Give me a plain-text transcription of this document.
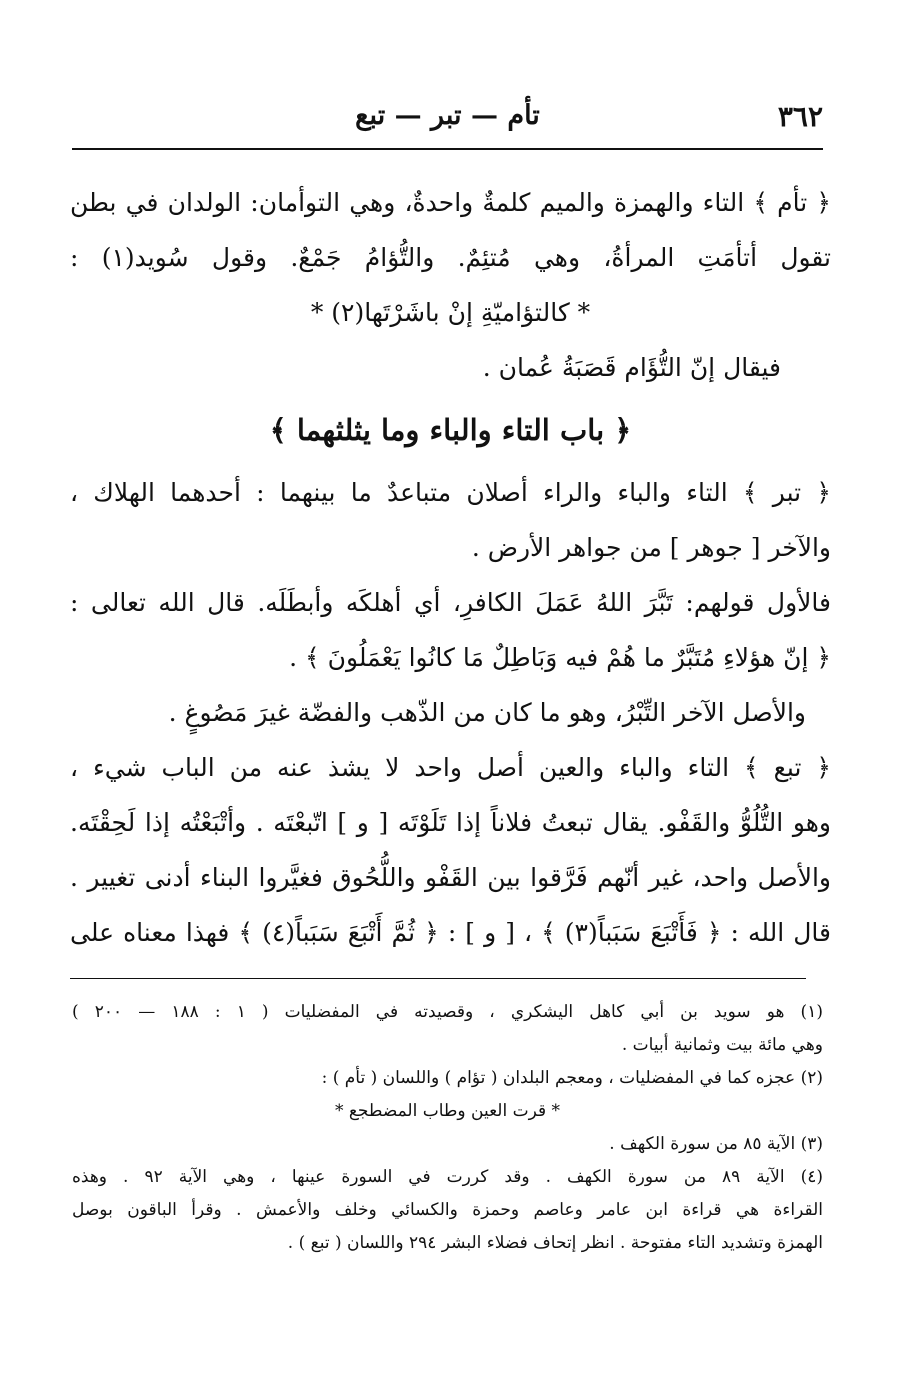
٣٦٢
تأم — تبر — تبع
﴿ تأم ﴾ التاء والهمزة والميم كلمةٌ واحدةٌ، وهي التوأمان: الولدان في بطن
تقول أتأمَتِ المرأةُ، وهي مُتئِمٌ. والتُّؤامُ جَمْعٌ. وقول سُويد(١) :
* كالتؤاميّةِ إنْ باشَرْتَها(٢) *
فيقال إنّ التُّؤَام قَصَبَةُ عُمان .
﴿ باب التاء والباء وما يثلثهما ﴾
﴿ تبر ﴾ التاء والباء والراء أصلان متباعدٌ ما بينهما : أحدهما الهلاك ،
والآخر [ جوهر ] من جواهر الأرض .
فالأول قولهم: تَبَّرَ اللهُ عَمَلَ الكافرِ، أي أهلكَه وأبطَلَه. قال الله تعالى :
﴿ إنّ هؤلاءِ مُتَبَّرٌ ما هُمْ فيه وَبَاطِلٌ مَا كانُوا يَعْمَلُونَ ﴾ .
والأصل الآخر التِّبْرُ، وهو ما كان من الذّهب والفضّة غيرَ مَصُوغٍ .
﴿ تبع ﴾ التاء والباء والعين أصل واحد لا يشذ عنه من الباب شيء ،
وهو التُّلُوُّ والقَفْو. يقال تبعتُ فلاناً إذا تَلَوْتَه [ و ] اتّبعْتَه . وأتْبَعْتُه إذا لَحِقْتَه.
والأصل واحد، غير أنّهم فَرَّقوا بين القَفْو واللُّحُوق فغيَّروا البناء أدنى تغيير .
قال الله : ﴿ فَأَتْبَعَ سَبَباً(٣) ﴾ ، [ و ] : ﴿ ثُمَّ أَتْبَعَ سَبَباً(٤) ﴾ فهذا معناه على
(١) هو سويد بن أبي كاهل اليشكري ، وقصيدته في المفضليات ( ١ : ١٨٨ — ٢٠٠ )
وهي مائة بيت وثمانية أبيات .
(٢) عجزه كما في المفضليات ، ومعجم البلدان ( تؤام ) واللسان ( تأم ) :
* قرت العين وطاب المضطجع *
(٣) الآية ٨٥ من سورة الكهف .
(٤) الآية ٨٩ من سورة الكهف . وقد كررت في السورة عينها ، وهي الآية ٩٢ . وهذه
القراءة هي قراءة ابن عامر وعاصم وحمزة والكسائي وخلف والأعمش . وقرأ الباقون بوصل
الهمزة وتشديد التاء مفتوحة . انظر إتحاف فضلاء البشر ٢٩٤ واللسان ( تبع ) .
